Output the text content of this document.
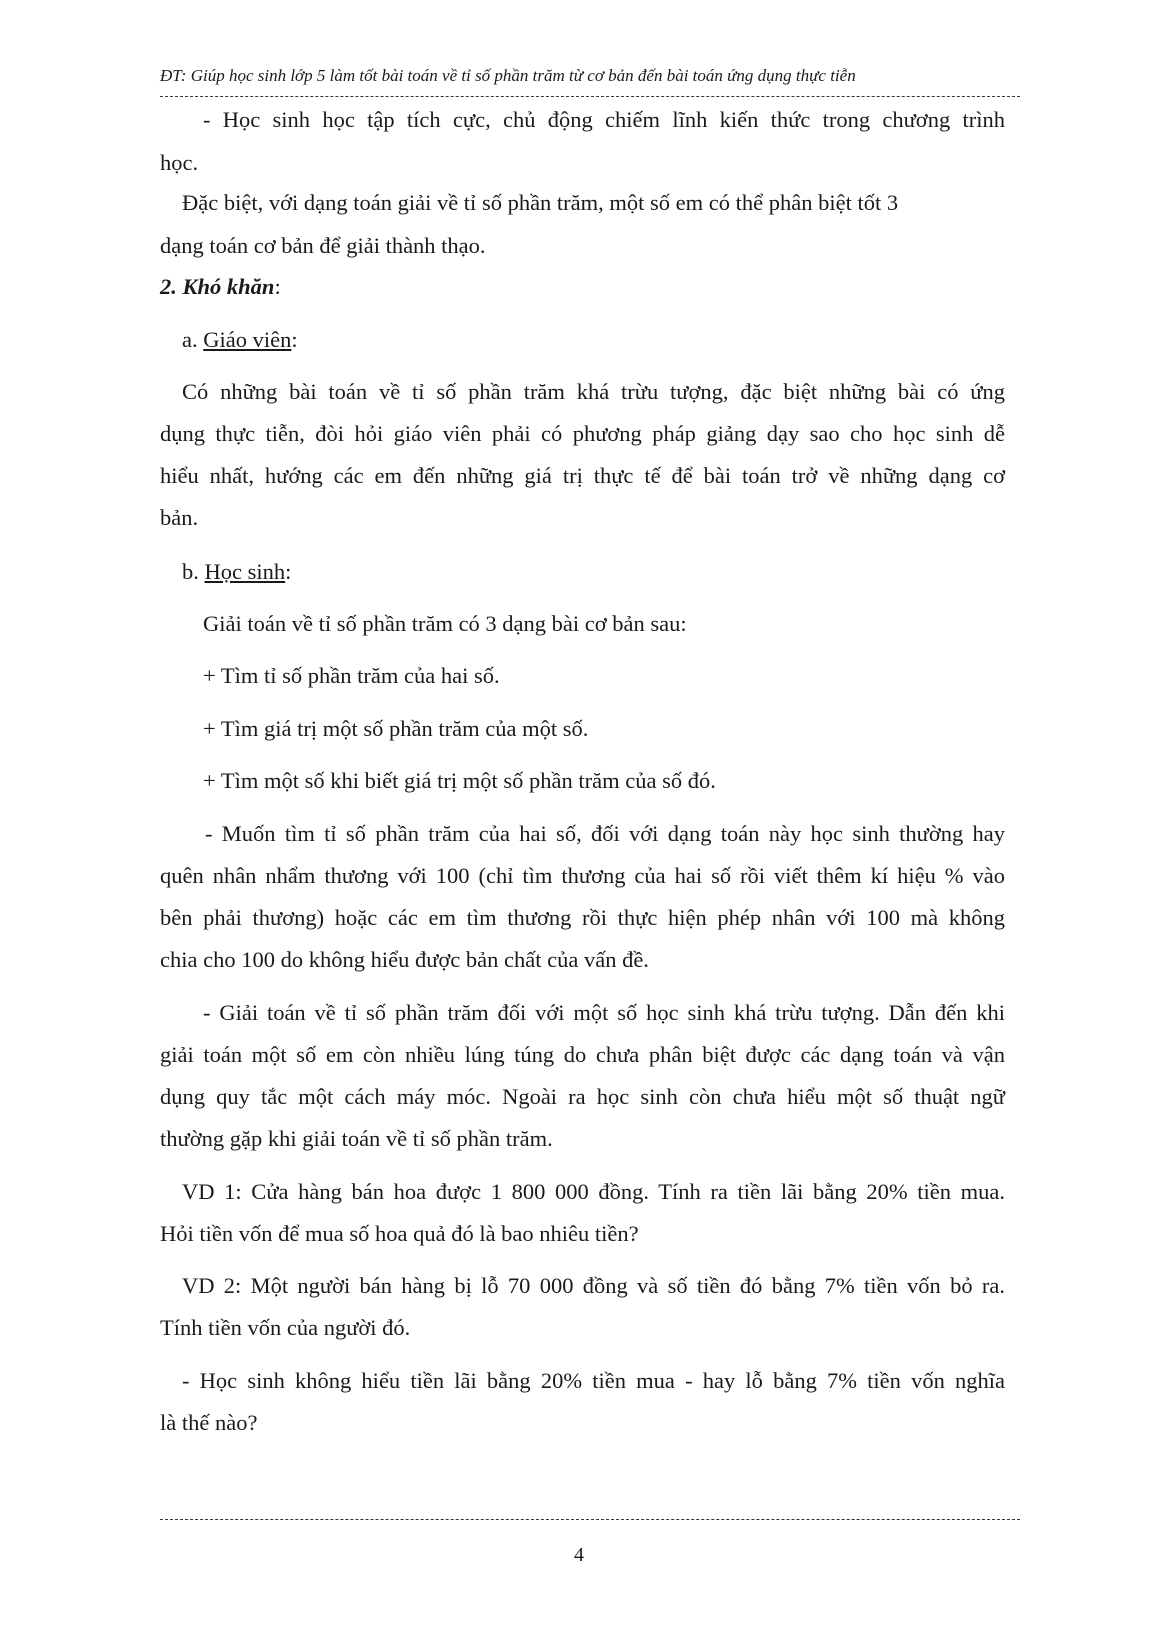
ĐT: Giúp học sinh lớp 5 làm tốt bài toán về tỉ số phần trăm từ cơ bản đến bài toán ứng dụng thực tiễn
- Học sinh học tập tích cực, chủ động chiếm lĩnh kiến thức trong chương trình
học.
Đặc biệt, với dạng toán giải về tỉ số phần trăm, một số em có thể phân biệt tốt 3
dạng toán cơ bản để giải thành thạo.
2. Khó khăn:
a. Giáo viên:
Có những bài toán về tỉ số phần trăm khá trừu tượng, đặc biệt những bài có ứng
dụng thực tiễn, đòi hỏi giáo viên phải có phương pháp giảng dạy sao cho học sinh dễ
hiểu nhất, hướng các em đến những giá trị thực tế để bài toán trở về những dạng cơ
bản.
b. Học sinh:
Giải toán về tỉ số phần trăm có 3 dạng bài cơ bản sau:
+ Tìm tỉ số phần trăm của hai số.
+ Tìm giá trị một số phần trăm của một số.
+ Tìm một số khi biết giá trị một số phần trăm của số đó.
- Muốn tìm tỉ số phần trăm của hai số, đối với dạng toán này học sinh thường hay
quên nhân nhẩm thương với 100 (chỉ tìm thương của hai số rồi viết thêm kí hiệu % vào
bên phải thương) hoặc các em tìm thương rồi thực hiện phép nhân với 100 mà không
chia cho 100 do không hiểu được bản chất của vấn đề.
- Giải toán về tỉ số phần trăm đối với một số học sinh khá trừu tượng. Dẫn đến khi
giải toán một số em còn nhiều lúng túng do chưa phân biệt được các dạng toán và vận
dụng quy tắc một cách máy móc. Ngoài ra học sinh còn chưa hiểu một số thuật ngữ
thường gặp khi giải toán về tỉ số phần trăm.
VD 1: Cửa hàng bán hoa được 1 800 000 đồng. Tính ra tiền lãi bằng 20% tiền mua.
Hỏi tiền vốn để mua số hoa quả đó là bao nhiêu tiền?
VD 2: Một người bán hàng bị lỗ 70 000 đồng và số tiền đó bằng 7% tiền vốn bỏ ra.
Tính tiền vốn của người đó.
- Học sinh không hiểu tiền lãi bằng 20% tiền mua - hay lỗ bằng 7% tiền vốn nghĩa
là thế nào?
4
